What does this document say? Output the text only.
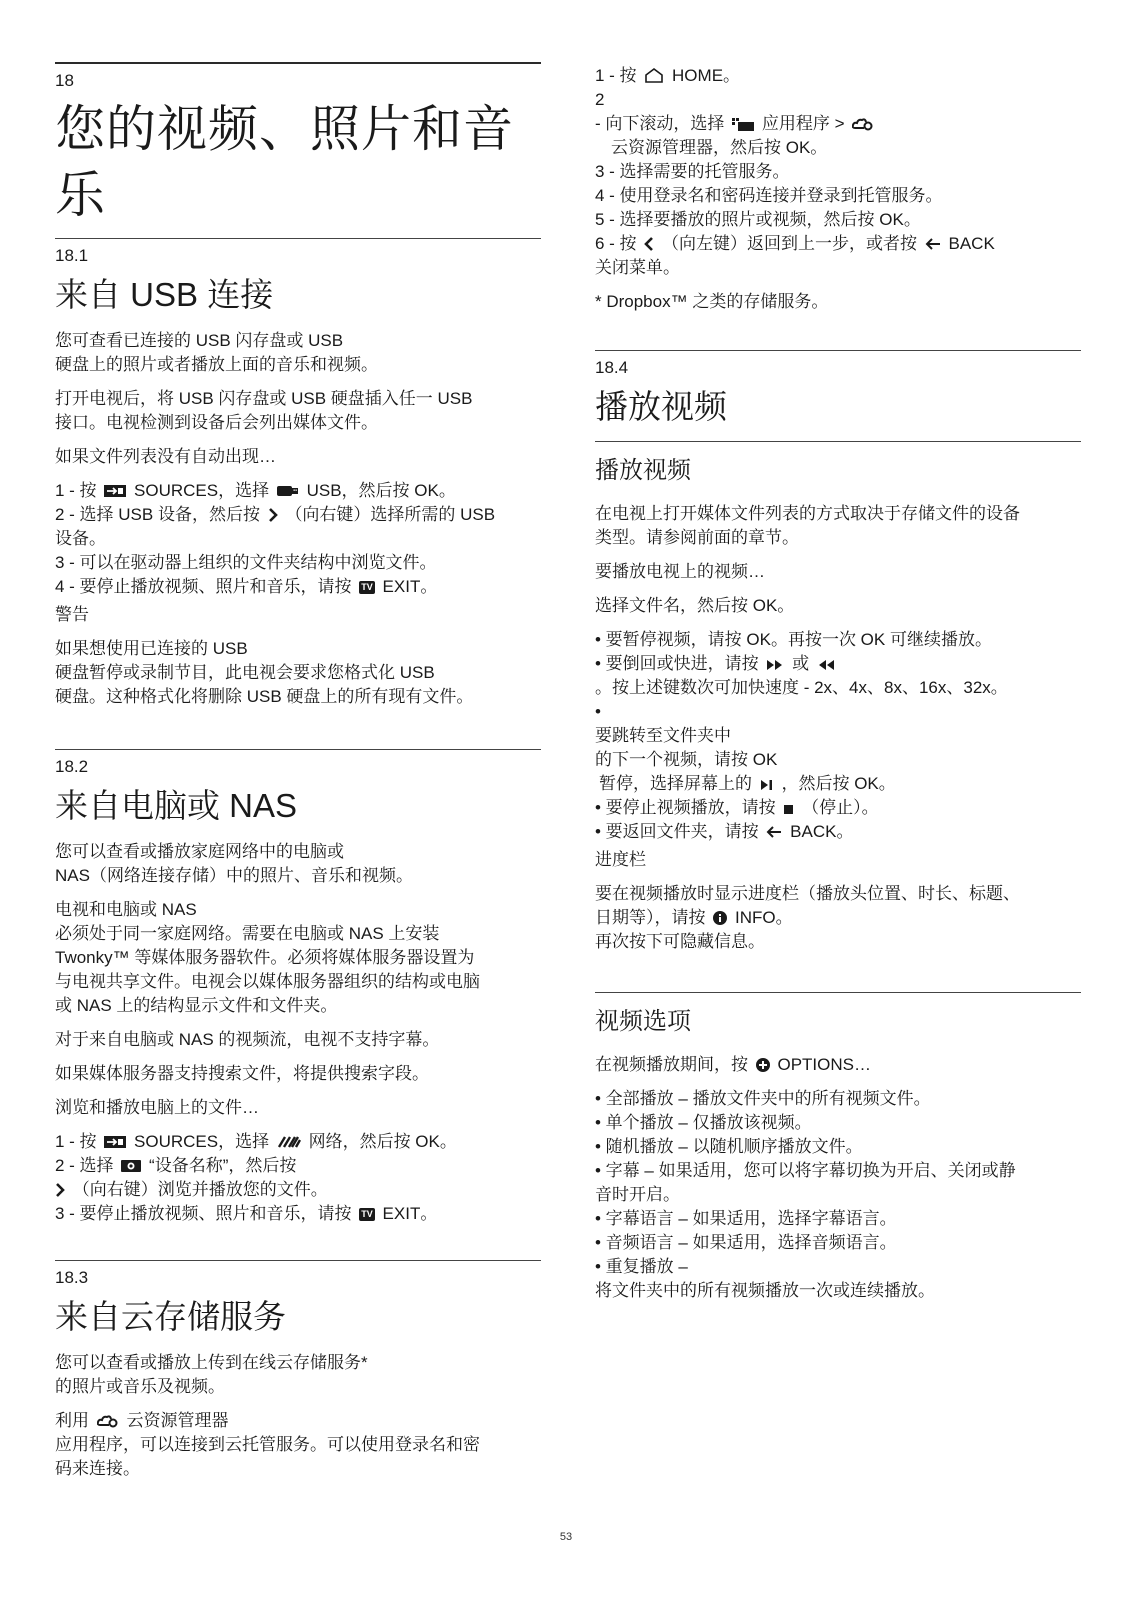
18
您的视频、照片和音
乐
18.1
来自 USB 连接
您可查看已连接的 USB 闪存盘或 USB
硬盘上的照片或者播放上面的音乐和视频。
打开电视后，将 USB 闪存盘或 USB 硬盘插入任一 USB
接口。电视检测到设备后会列出媒体文件。

如果文件列表没有自动出现…

1 - 按 SOURCES，选择 USB，然后按 OK。
2 - 选择 USB 设备，然后按 （向右键）选择所需的 USB
设备。
3 - 可以在驱动器上组织的文件夹结构中浏览文件。
4 - 要停止播放视频、照片和音乐，请按 TV EXIT。
警告
如果想使用已连接的 USB
硬盘暂停或录制节目，此电视会要求您格式化 USB
硬盘。这种格式化将删除 USB 硬盘上的所有现有文件。
18.2
来自电脑或 NAS
您可以查看或播放家庭网络中的电脑或
NAS（网络连接存储）中的照片、音乐和视频。
电视和电脑或 NAS
必须处于同一家庭网络。需要在电脑或 NAS 上安装
Twonky™ 等媒体服务器软件。必须将媒体服务器设置为
与电视共享文件。电视会以媒体服务器组织的结构或电脑
或 NAS 上的结构显示文件和文件夹。

对于来自电脑或 NAS 的视频流，电视不支持字幕。

如果媒体服务器支持搜索文件，将提供搜索字段。

浏览和播放电脑上的文件…

1 - 按 SOURCES，选择 网络，然后按 OK。
2 - 选择 “设备名称”，然后按
（向右键）浏览并播放您的文件。
3 - 要停止播放视频、照片和音乐，请按 TV EXIT。
18.3
来自云存储服务
您可以查看或播放上传到在线云存储服务*
的照片或音乐及视频。
利用 云资源管理器
应用程序，可以连接到云托管服务。可以使用登录名和密
码来连接。
1 - 按 HOME。
2
- 向下滚动，选择 应用程序 >
云资源管理器，然后按 OK。
3 - 选择需要的托管服务。
4 - 使用登录名和密码连接并登录到托管服务。
5 - 选择要播放的照片或视频，然后按 OK。
6 - 按 （向左键）返回到上一步，或者按 BACK
关闭菜单。

* Dropbox™ 之类的存储服务。

18.4
播放视频
播放视频
在电视上打开媒体文件列表的方式取决于存储文件的设备
类型。请参阅前面的章节。

要播放电视上的视频…

选择文件名，然后按 OK。

• 要暂停视频，请按 OK。再按一次 OK 可继续播放。
• 要倒回或快进，请按 或
。按上述键数次可加快速度 - 2x、4x、8x、16x、32x。
•
要跳转至文件夹中
的下一个视频，请按 OK
暂停，选择屏幕上的 ，然后按 OK。
• 要停止视频播放，请按 （停止）。
• 要返回文件夹，请按 BACK。
进度栏
要在视频播放时显示进度栏（播放头位置、时长、标题、
日期等），请按 INFO。
再次按下可隐藏信息。
视频选项

在视频播放期间，按 OPTIONS…

• 全部播放 – 播放文件夹中的所有视频文件。
• 单个播放 – 仅播放该视频。
• 随机播放 – 以随机顺序播放文件。
• 字幕 – 如果适用，您可以将字幕切换为开启、关闭或静
音时开启。
• 字幕语言 – 如果适用，选择字幕语言。
• 音频语言 – 如果适用，选择音频语言。
• 重复播放 –
将文件夹中的所有视频播放一次或连续播放。
53
